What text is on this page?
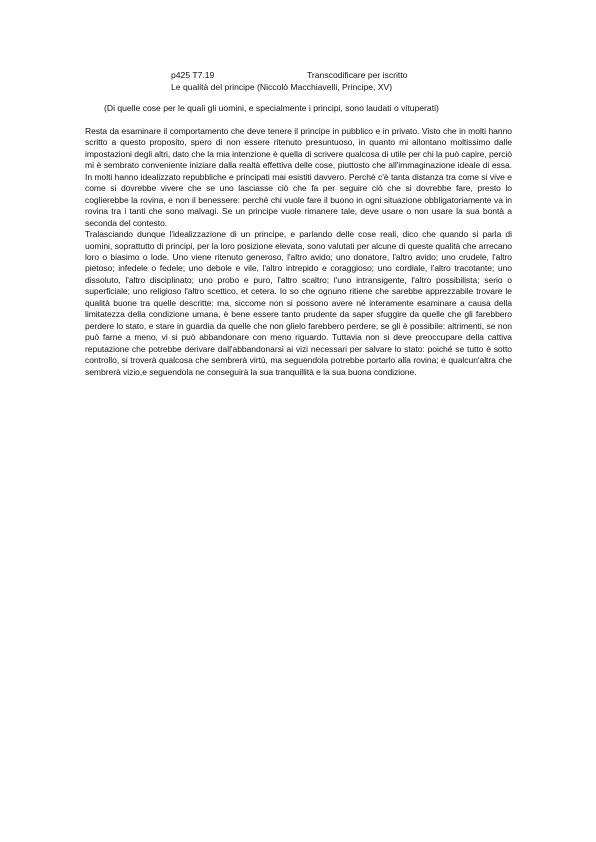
p425 T7.19	Transcodificare per iscritto
Le qualità del principe (Niccolò Macchiavelli, Principe, XV)
(Di quelle cose per le quali gli uomini, e specialmente i principi, sono laudati o vituperati)

Resta da esaminare il comportamento che deve tenere il principe in pubblico e in privato. Visto che in molti hanno scritto a questo proposito, spero di non essere ritenuto presuntuoso, in quanto mi allontano moltissimo dalle impostazioni degli altri, dato che la mia intenzione è quella di scrivere qualcosa di utile per chi la può capire, perciò mi è sembrato conveniente iniziare dalla realtà effettiva delle cose, piuttosto che all'immaginazione ideale di essa. In molti hanno idealizzato repubbliche e principati mai esistiti davvero. Perché c'è tanta distanza tra come si vive e come si dovrebbe vivere che se uno lasciasse ciò che fa per seguire ciò che si dovrebbe fare, presto lo coglierebbe la rovina, e non il benessere: perché chi vuole fare il buono in ogni situazione obbligatoriamente va in rovina tra i tanti che sono malvagi. Se un principe vuole rimanere tale, deve usare o non usare la sua bontà a seconda del contesto.

Tralasciando dunque l'idealizzazione di un principe, e parlando delle cose reali, dico che quando si parla di uomini, soprattutto di principi, per la loro posizione elevata, sono valutati per alcune di queste qualità che arrecano loro o biasimo o lode. Uno viene ritenuto generoso, l'altro avido; uno donatore, l'altro avido; uno crudele, l'altro pietoso; infedele o fedele; uno debole e vile, l'altro intrepido e coraggioso; uno cordiale, l'altro tracotante; uno dissoluto, l'altro disciplinato; uno probo e puro, l'altro scaltro; l'uno intransigente, l'altro possibilista; serio o superficiale; uno religioso l'altro scettico, et cetera. Io so che ognuno ritiene che sarebbe apprezzabile trovare le qualità buone tra quelle descritte: ma, siccome non si possono avere né interamente esaminare a causa della limitatezza della condizione umana, è bene essere tanto prudente da saper sfuggire da quelle che gli farebbero perdere lo stato, e stare in guardia da quelle che non glielo farebbero perdere, se gli è possibile: altrimenti, se non può farne a meno, vi si può abbandonare con meno riguardo. Tuttavia non si deve preoccupare della cattiva reputazione che potrebbe derivare dall'abbandonarsi ai vizi necessari per salvare lo stato: poiché se tutto è sotto controllo, si troverà qualcosa che sembrerà virtù, ma seguendola potrebbe portarlo alla rovina; e qualcun'altra che sembrerà vizio,e seguendola ne conseguirà la sua tranquillità e la sua buona condizione.
